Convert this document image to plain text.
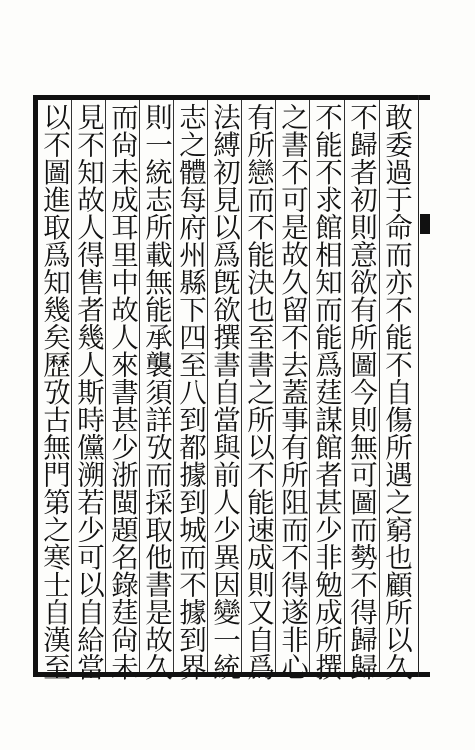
敢委過于命而亦不能不自傷所遇之窮也顧所以久
不歸者初則意欲有所圖今則無可圖而勢不得歸歸
不能不求館相知而能爲莛謀館者甚少非勉成所撰
之書不可是故久留不去蓋事有所阻而不得遂非心
有所戀而不能決也至書之所以不能速成則又自爲
法縛初見以爲旣欲撰書自當與前人少異因變一統
志之體每府州縣下四至八到都據到城而不據到界
則一統志所載無能承襲須詳攷而採取他書是故久
而尙未成耳里中故人來書甚少浙閩題名錄莛尙未
見不知故人得售者幾人斯時儻溯若少可以自給當
以不圖進取爲知幾矣歷攷古無門第之寒士自漢至
